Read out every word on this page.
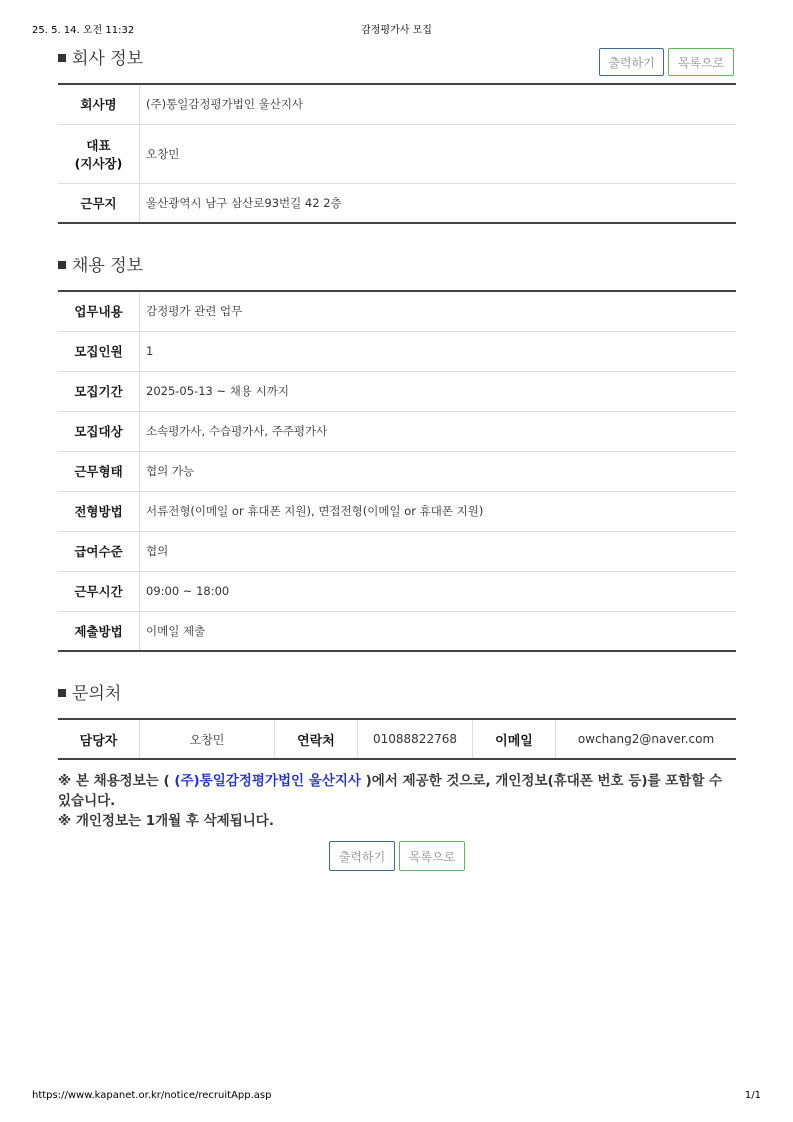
25. 5. 14. 오전 11:32	감정평가사 모집
회사 정보	출력하기	목록으로
회사명	(주)통일감정평가법인 울산지사

대표
(지사장)	오창민
근무지	울산광역시 남구 삼산로93번길 42 2층
채용 정보
업무내용	감정평가 관련 업무
모집인원	1
모집기간	2025-05-13 ~ 채용 시까지
모집대상	소속평가사, 수습평가사, 주주평가사
근무형태	협의 가능
전형방법	서류전형(이메일 or 휴대폰 지원), 면접전형(이메일 or 휴대폰 지원)
급여수준	협의
근무시간	09:00 ~ 18:00
제출방법	이메일 제출
문의처
담당자	오창민	연락처	01088822768	이메일	owchang2@naver.com
※ 본 채용정보는 ( (주)통일감정평가법인 울산지사 )에서 제공한 것으로, 개인정보(휴대폰 번호 등)를 포함할 수 있습니다.
※ 개인정보는 1개월 후 삭제됩니다.
출력하기	목록으로
https://www.kapanet.or.kr/notice/recruitApp.asp	1/1
